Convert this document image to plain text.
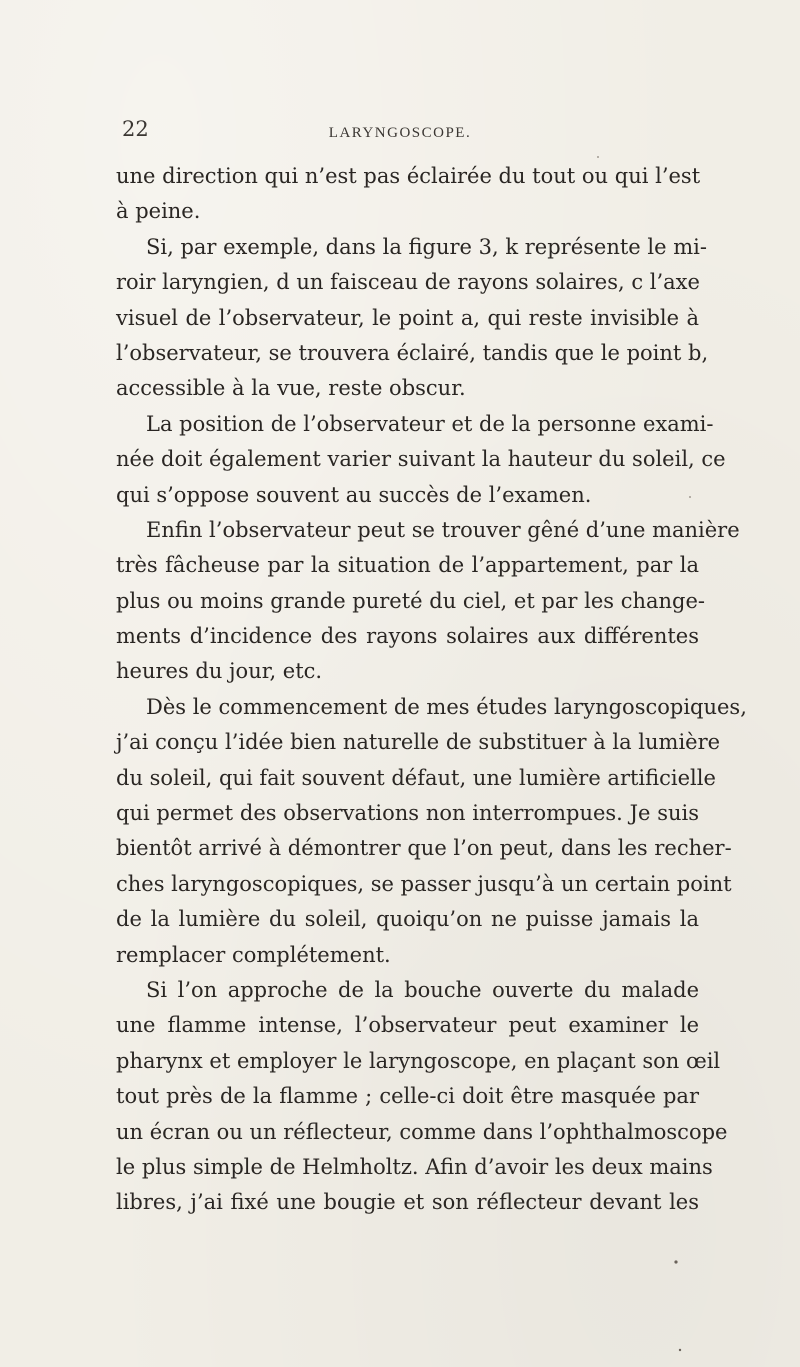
22	LARYNGOSCOPE.
une direction qui n’est pas éclairée du tout ou qui l’est
à peine.
Si, par exemple, dans la figure 3, k représente le mi-
roir laryngien, d un faisceau de rayons solaires, c l’axe
visuel de l’observateur, le point a, qui reste invisible à
l’observateur, se trouvera éclairé, tandis que le point b,
accessible à la vue, reste obscur.
La position de l’observateur et de la personne exami-
née doit également varier suivant la hauteur du soleil, ce
qui s’oppose souvent au succès de l’examen.
Enfin l’observateur peut se trouver gêné d’une manière
très fâcheuse par la situation de l’appartement, par la
plus ou moins grande pureté du ciel, et par les change-
ments d’incidence des rayons solaires aux différentes
heures du jour, etc.
Dès le commencement de mes études laryngoscopiques,
j’ai conçu l’idée bien naturelle de substituer à la lumière
du soleil, qui fait souvent défaut, une lumière artificielle
qui permet des observations non interrompues. Je suis
bientôt arrivé à démontrer que l’on peut, dans les recher-
ches laryngoscopiques, se passer jusqu’à un certain point
de la lumière du soleil, quoiqu’on ne puisse jamais la
remplacer complétement.
Si l’on approche de la bouche ouverte du malade
une flamme intense, l’observateur peut examiner le
pharynx et employer le laryngoscope, en plaçant son œil
tout près de la flamme ; celle-ci doit être masquée par
un écran ou un réflecteur, comme dans l’ophthalmoscope
le plus simple de Helmholtz. Afin d’avoir les deux mains
libres, j’ai fixé une bougie et son réflecteur devant les
